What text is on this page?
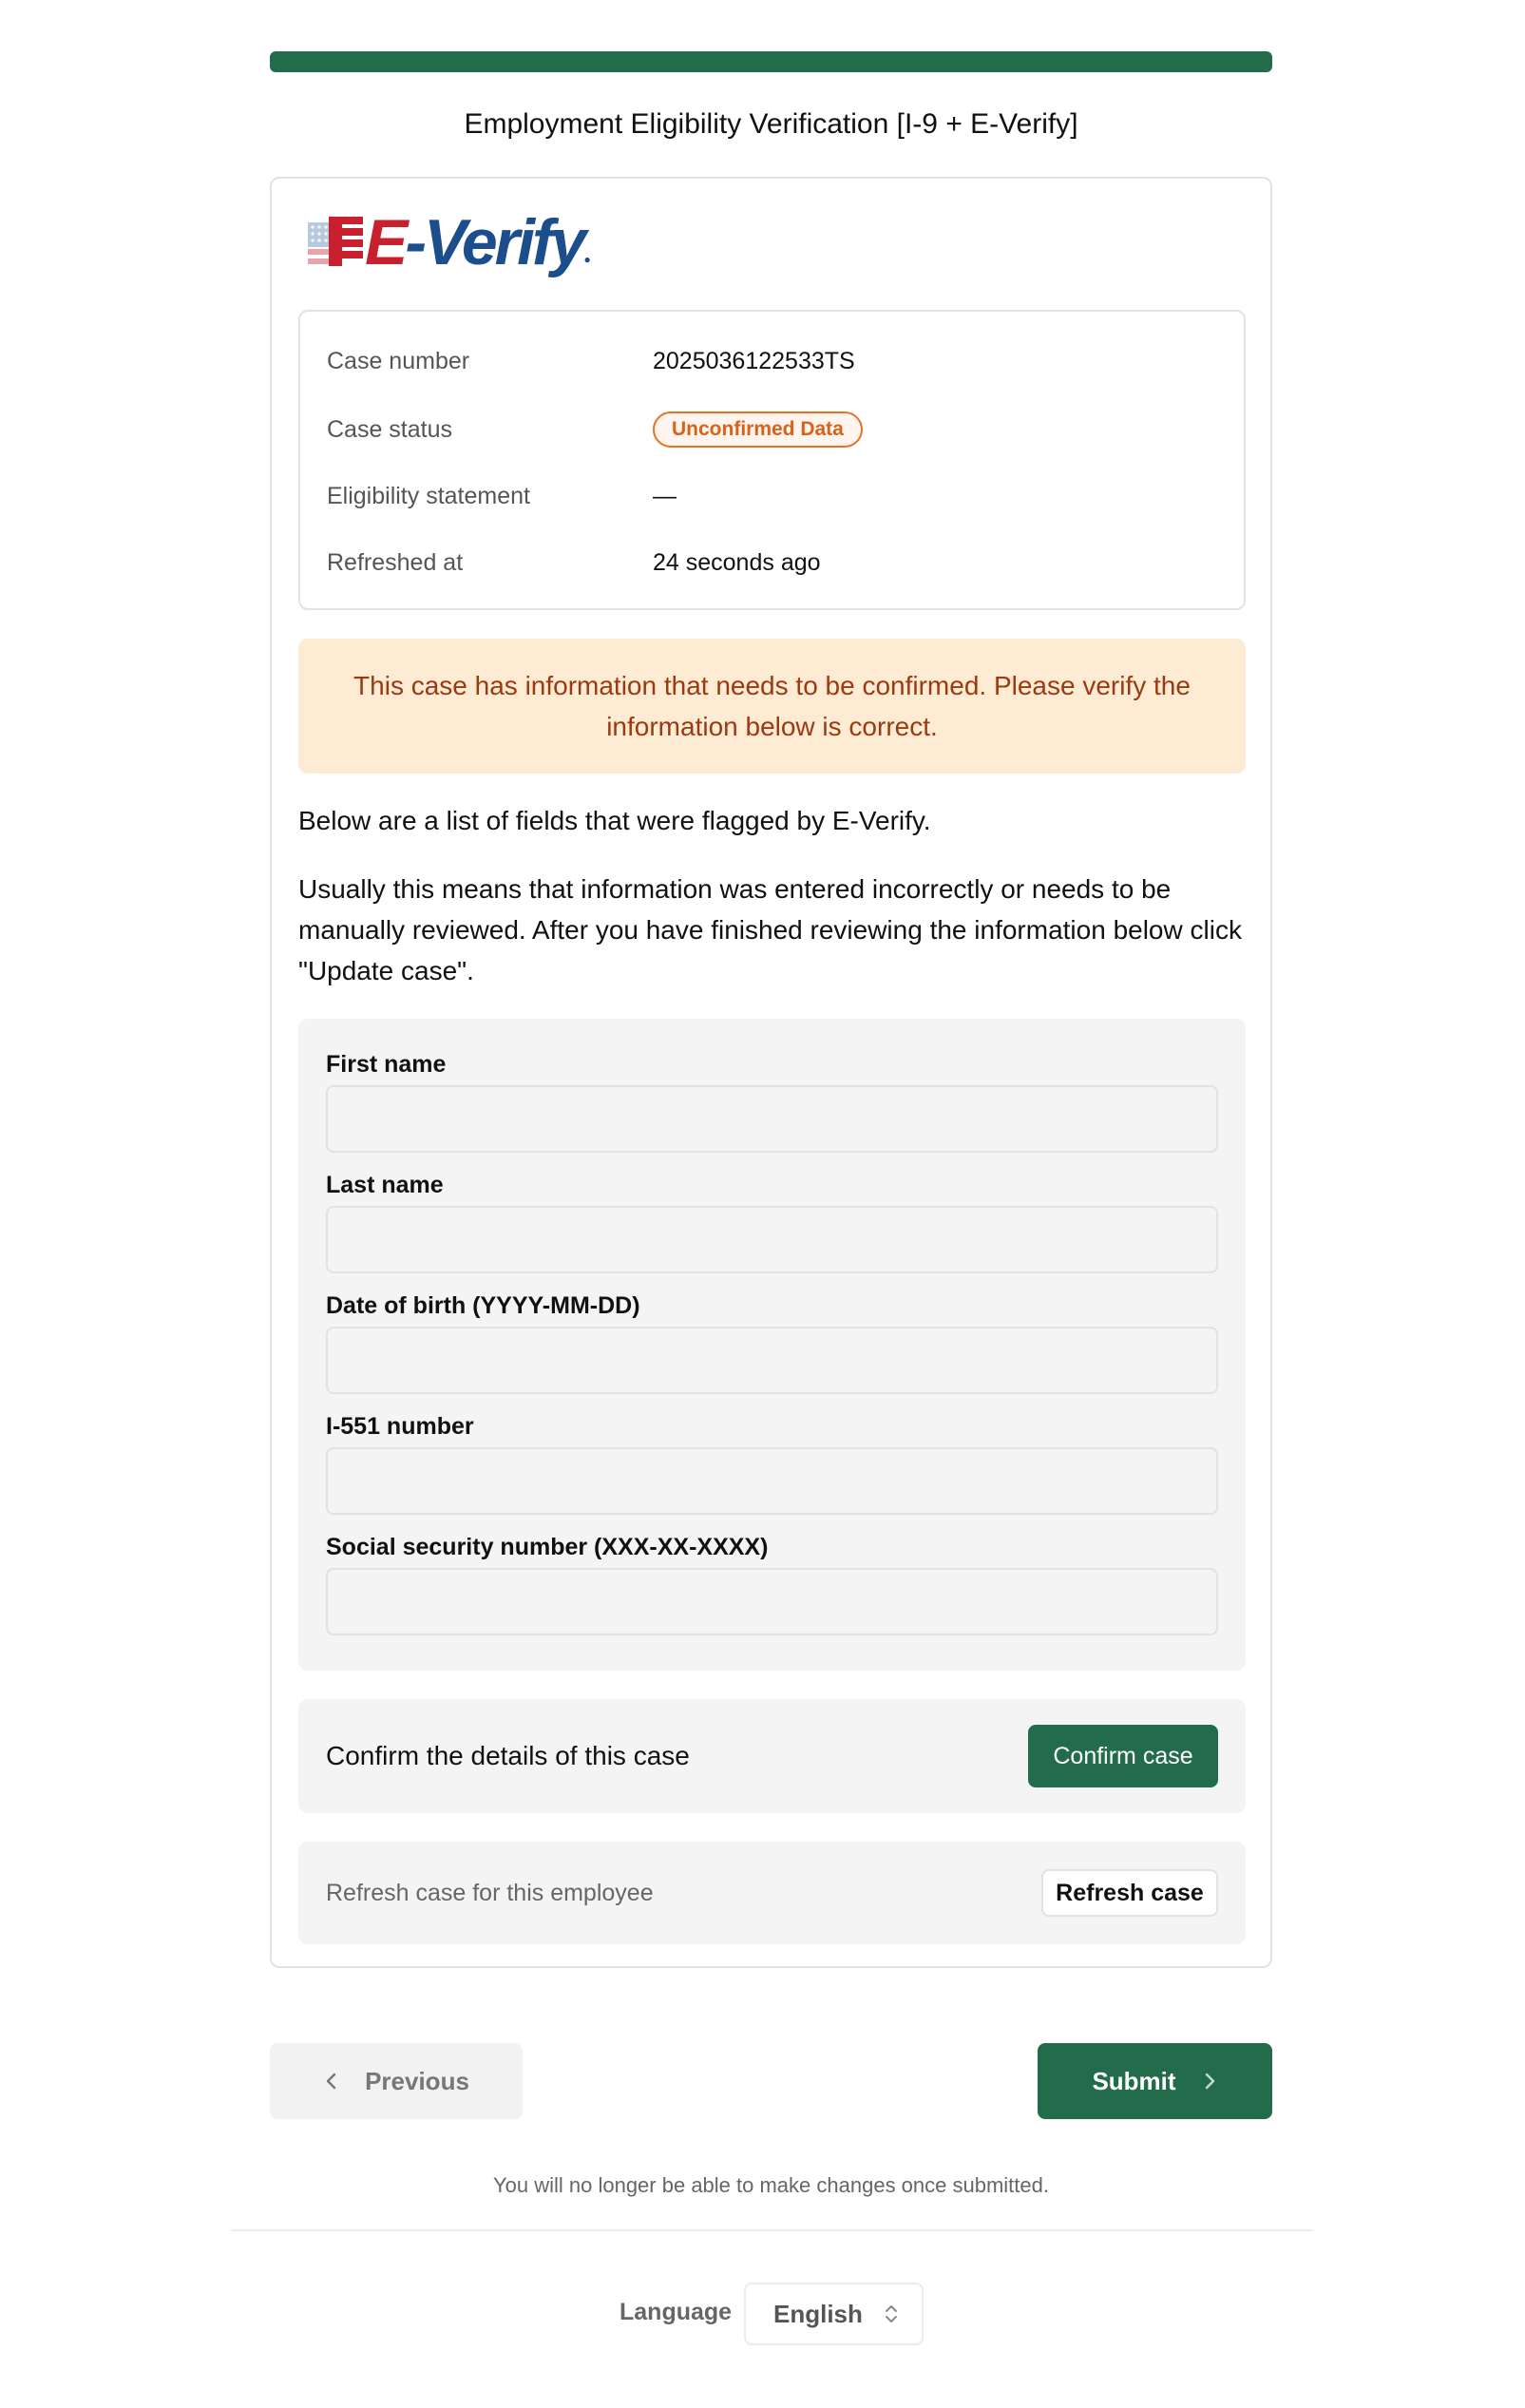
Employment Eligibility Verification [I-9 + E-Verify]
E-Verify ●
Case number	2025036122533TS
Case status	Unconfirmed Data
Eligibility statement	—
Refreshed at	24 seconds ago
This case has information that needs to be confirmed. Please verify the information below is correct.
Below are a list of fields that were flagged by E-Verify.
Usually this means that information was entered incorrectly or needs to be manually reviewed. After you have finished reviewing the information below click "Update case".
First name
Last name
Date of birth (YYYY-MM-DD)
I-551 number
Social security number (XXX-XX-XXXX)
Confirm the details of this case	Confirm case
Refresh case for this employee	Refresh case
Previous	Submit
You will no longer be able to make changes once submitted.
Language English
